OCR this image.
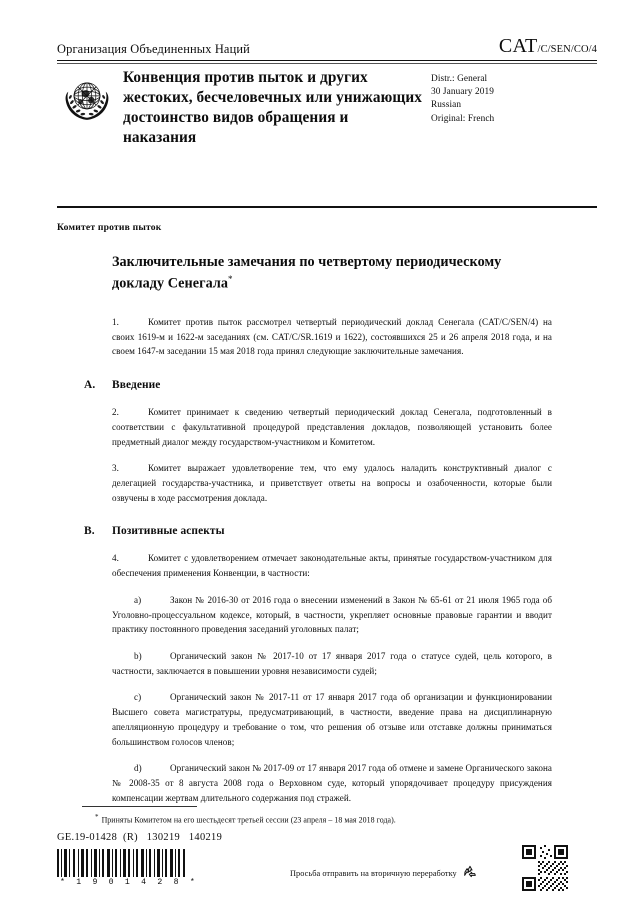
Организация Объединенных Наций	CAT/C/SEN/CO/4
Конвенция против пыток и других жестоких, бесчеловечных или унижающих достоинство видов обращения и наказания
Distr.: General
30 January 2019
Russian
Original: French
Комитет против пыток
Заключительные замечания по четвертому периодическому докладу Сенегала*

1.	Комитет против пыток рассмотрел четвертый периодический доклад Сенегала (CAT/C/SEN/4) на своих 1619-м и 1622-м заседаниях (см. CAT/C/SR.1619 и 1622), состоявшихся 25 и 26 апреля 2018 года, и на своем 1647-м заседании 15 мая 2018 года принял следующие заключительные замечания.

A.	Введение

2.	Комитет принимает к сведению четвертый периодический доклад Сенегала, подготовленный в соответствии с факультативной процедурой представления докладов, позволяющей установить более предметный диалог между государством-участником и Комитетом.

3.	Комитет выражает удовлетворение тем, что ему удалось наладить конструктивный диалог с делегацией государства-участника, и приветствует ответы на вопросы и озабоченности, которые были озвучены в ходе рассмотрения доклада.

B.	Позитивные аспекты

4.	Комитет с удовлетворением отмечает законодательные акты, принятые государством-участником для обеспечения применения Конвенции, в частности:

a)	Закон № 2016-30 от 2016 года о внесении изменений в Закон № 65-61 от 21 июля 1965 года об Уголовно-процессуальном кодексе, который, в частности, укрепляет основные правовые гарантии и вводит практику постоянного проведения заседаний уголовных палат;

b)	Органический закон № 2017-10 от 17 января 2017 года о статусе судей, цель которого, в частности, заключается в повышении уровня независимости судей;

c)	Органический закон № 2017-11 от 17 января 2017 года об организации и функционировании Высшего совета магистратуры, предусматривающий, в частности, введение права на дисциплинарную апелляционную процедуру и требование о том, что решения об отзыве или отставке должны приниматься большинством голосов членов;

d)	Органический закон № 2017-09 от 17 января 2017 года об отмене и замене Органического закона № 2008-35 от 8 августа 2008 года о Верховном суде, который упорядочивает процедуру присуждения компенсации жертвам длительного содержания под стражей.

* Приняты Комитетом на его шестьдесят третьей сессии (23 апреля – 18 мая 2018 года).
GE.19-01428  (R)   130219   140219
* 1 9 0 1 4 2 8 *
Просьба отправить на вторичную переработку
